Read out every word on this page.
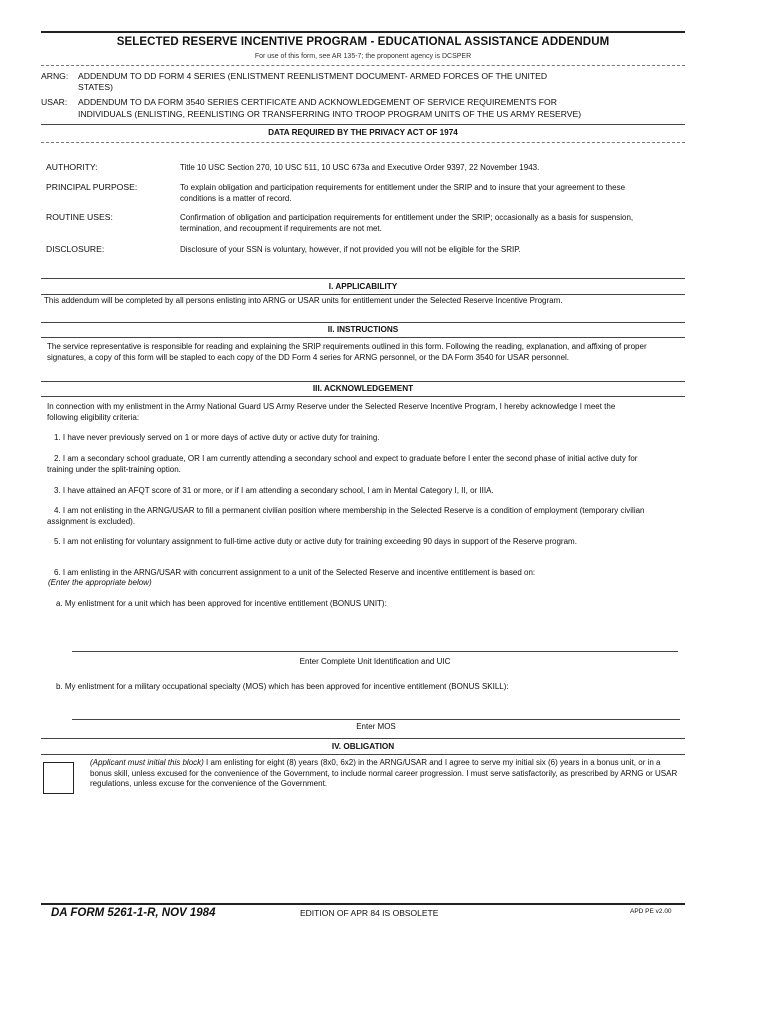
SELECTED RESERVE INCENTIVE PROGRAM - EDUCATIONAL ASSISTANCE ADDENDUM
For use of this form, see AR 135-7; the proponent agency is DCSPER
ARNG: ADDENDUM TO DD FORM 4 SERIES (ENLISTMENT REENLISTMENT DOCUMENT- ARMED FORCES OF THE UNITED
STATES)
USAR: ADDENDUM TO DA FORM 3540 SERIES CERTIFICATE AND ACKNOWLEDGEMENT OF SERVICE REQUIREMENTS FOR
INDIVIDUALS (ENLISTING, REENLISTING OR TRANSFERRING INTO TROOP PROGRAM UNITS OF THE US ARMY RESERVE)
DATA REQUIRED BY THE PRIVACY ACT OF 1974
AUTHORITY:	Title 10 USC Section 270, 10 USC 511, 10 USC 673a and Executive Order 9397, 22 November 1943.
PRINCIPAL PURPOSE:	To explain obligation and participation requirements for entitlement under the SRIP and to insure that your agreement to these conditions is a matter of record.
ROUTINE USES:	Confirmation of obligation and participation requirements for entitlement under the SRIP; occasionally as a basis for suspension, termination, and recoupment if requirements are not met.
DISCLOSURE:	Disclosure of your SSN is voluntary, however, if not provided you will not be eligible for the SRIP.
I. APPLICABILITY
This addendum will be completed by all persons enlisting into ARNG or USAR units for entitlement under the Selected Reserve Incentive Program.
II. INSTRUCTIONS
The service representative is responsible for reading and explaining the SRIP requirements outlined in this form. Following the reading, explanation, and affixing of proper signatures, a copy of this form will be stapled to each copy of the DD Form 4 series for ARNG personnel, or the DA Form 3540 for USAR personnel.
III. ACKNOWLEDGEMENT
In connection with my enlistment in the Army National Guard US Army Reserve under the Selected Reserve Incentive Program, I hereby acknowledge I meet the following eligibility criteria:
1. I have never previously served on 1 or more days of active duty or active duty for training.
2. I am a secondary school graduate, OR I am currently attending a secondary school and expect to graduate before I enter the second phase of initial active duty for training under the split-training option.
3. I have attained an AFQT score of 31 or more, or if I am attending a secondary school, I am in Mental Category I, II, or IIIA.
4. I am not enlisting in the ARNG/USAR to fill a permanent civilian position where membership in the Selected Reserve is a condition of employment (temporary civilian assignment is excluded).
5. I am not enlisting for voluntary assignment to full-time active duty or active duty for training exceeding 90 days in support of the Reserve program.
6. I am enlisting in the ARNG/USAR with concurrent assignment to a unit of the Selected Reserve and incentive entitlement is based on:
(Enter the appropriate below)
a. My enlistment for a unit which has been approved for incentive entitlement (BONUS UNIT):
Enter Complete Unit Identification and UIC
b. My enlistment for a military occupational specialty (MOS) which has been approved for incentive entitlement (BONUS SKILL):
Enter MOS
IV. OBLIGATION
(Applicant must initial this block) I am enlisting for eight (8) years (8x0, 6x2) in the ARNG/USAR and I agree to serve my initial six (6) years in a bonus unit, or in a bonus skill, unless excused for the convenience of the Government, to include normal career progression. I must serve satisfactorily, as prescribed by ARNG or USAR regulations, unless excuse for the convenience of the Government.
DA FORM 5261-1-R, NOV 1984	EDITION OF APR 84 IS OBSOLETE	APD PE v2.00
